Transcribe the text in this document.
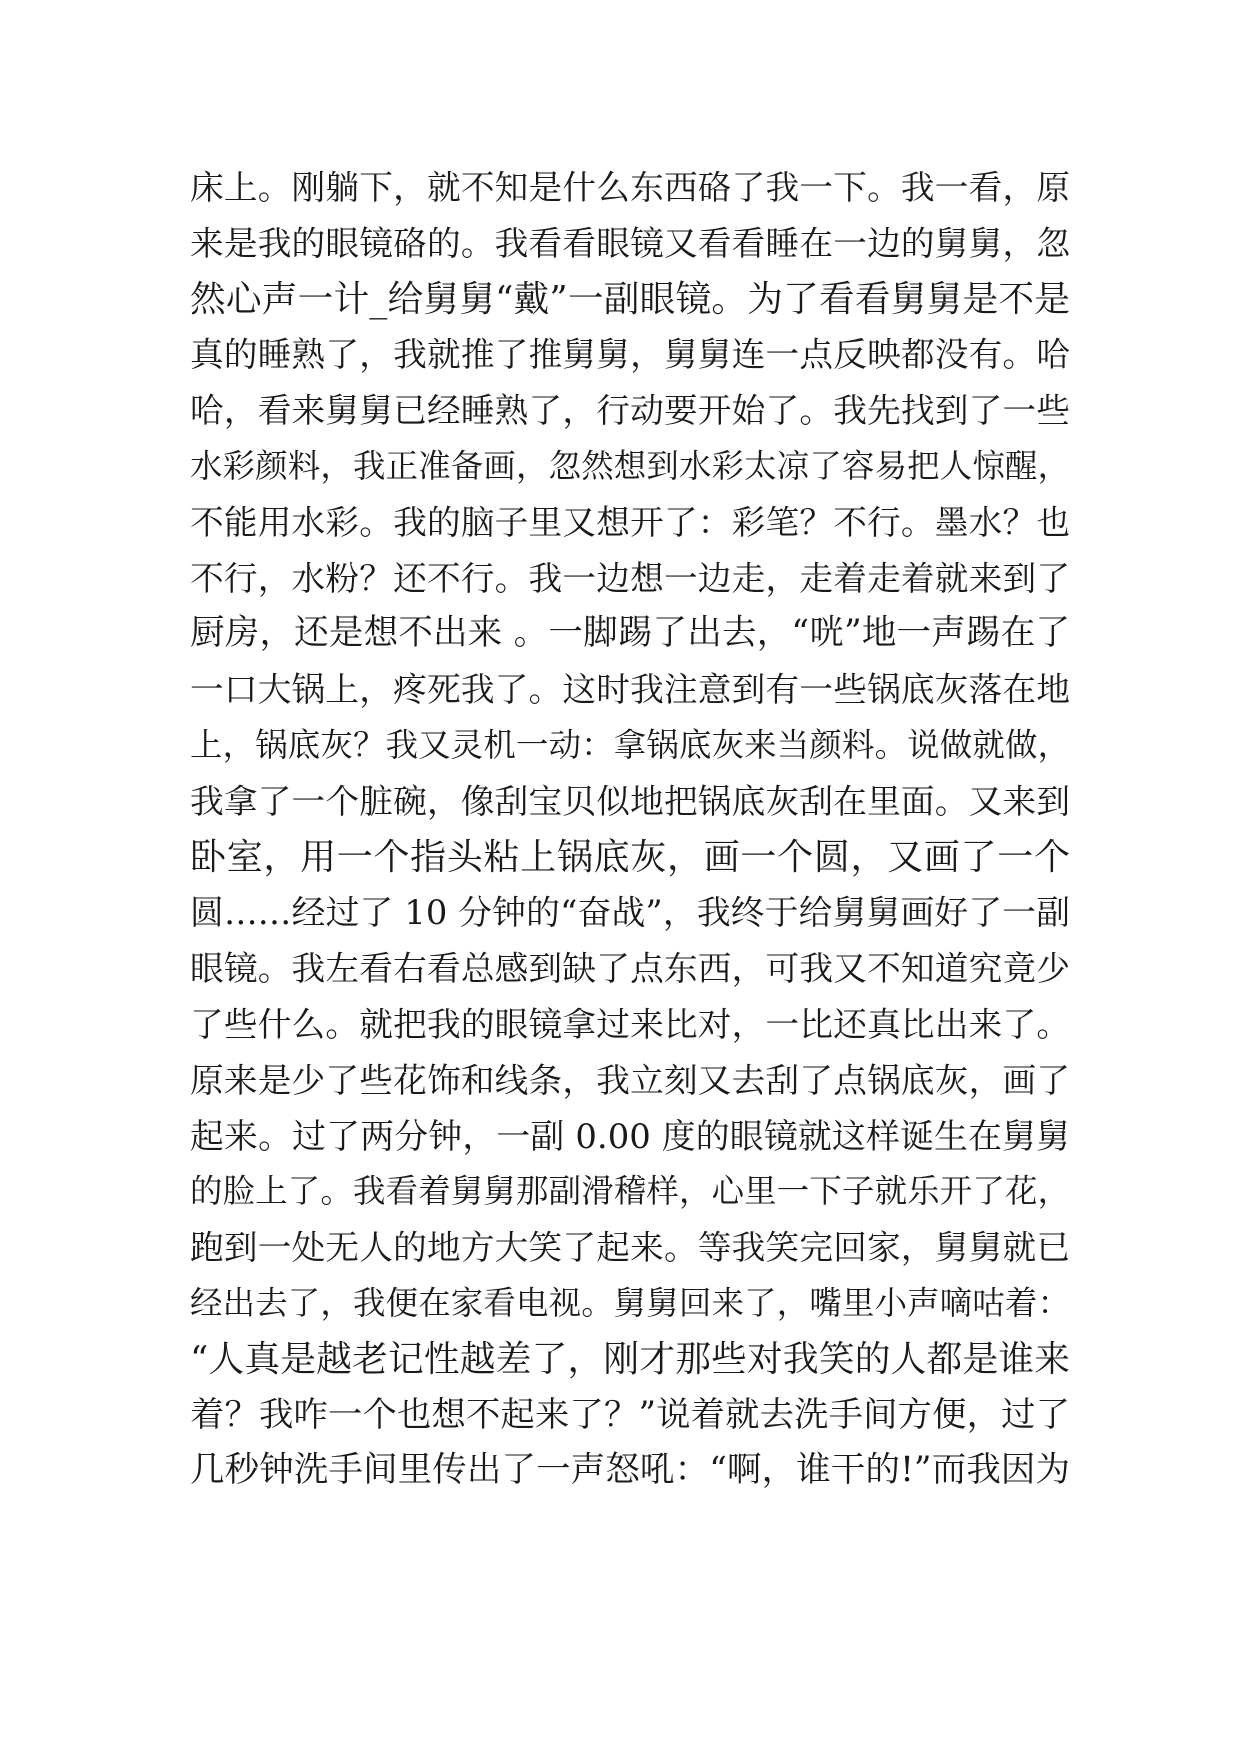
床上。刚躺下，就不知是什么东西硌了我一下。我一看，原
来是我的眼镜硌的。我看看眼镜又看看睡在一边的舅舅，忽
然心声一计_给舅舅“戴”一副眼镜。为了看看舅舅是不是
真的睡熟了，我就推了推舅舅，舅舅连一点反映都没有。哈
哈，看来舅舅已经睡熟了，行动要开始了。我先找到了一些
水彩颜料，我正准备画，忽然想到水彩太凉了容易把人惊醒，
不能用水彩。我的脑子里又想开了：彩笔？不行。墨水？也
不行，水粉？还不行。我一边想一边走，走着走着就来到了
厨房，还是想不出来 。一脚踢了出去，“咣”地一声踢在了
一口大锅上，疼死我了。这时我注意到有一些锅底灰落在地
上，锅底灰？我又灵机一动：拿锅底灰来当颜料。说做就做，
我拿了一个脏碗，像刮宝贝似地把锅底灰刮在里面。又来到
卧室，用一个指头粘上锅底灰，画一个圆，又画了一个
圆……经过了 10 分钟的“奋战”，我终于给舅舅画好了一副
眼镜。我左看右看总感到缺了点东西，可我又不知道究竟少
了些什么。就把我的眼镜拿过来比对，一比还真比出来了。
原来是少了些花饰和线条，我立刻又去刮了点锅底灰，画了
起来。过了两分钟，一副 0.00 度的眼镜就这样诞生在舅舅
的脸上了。我看着舅舅那副滑稽样，心里一下子就乐开了花，
跑到一处无人的地方大笑了起来。等我笑完回家，舅舅就已
经出去了，我便在家看电视。舅舅回来了，嘴里小声嘀咕着：
“人真是越老记性越差了，刚才那些对我笑的人都是谁来
着？我咋一个也想不起来了？”说着就去洗手间方便，过了
几秒钟洗手间里传出了一声怒吼：“啊，谁干的!”而我因为
